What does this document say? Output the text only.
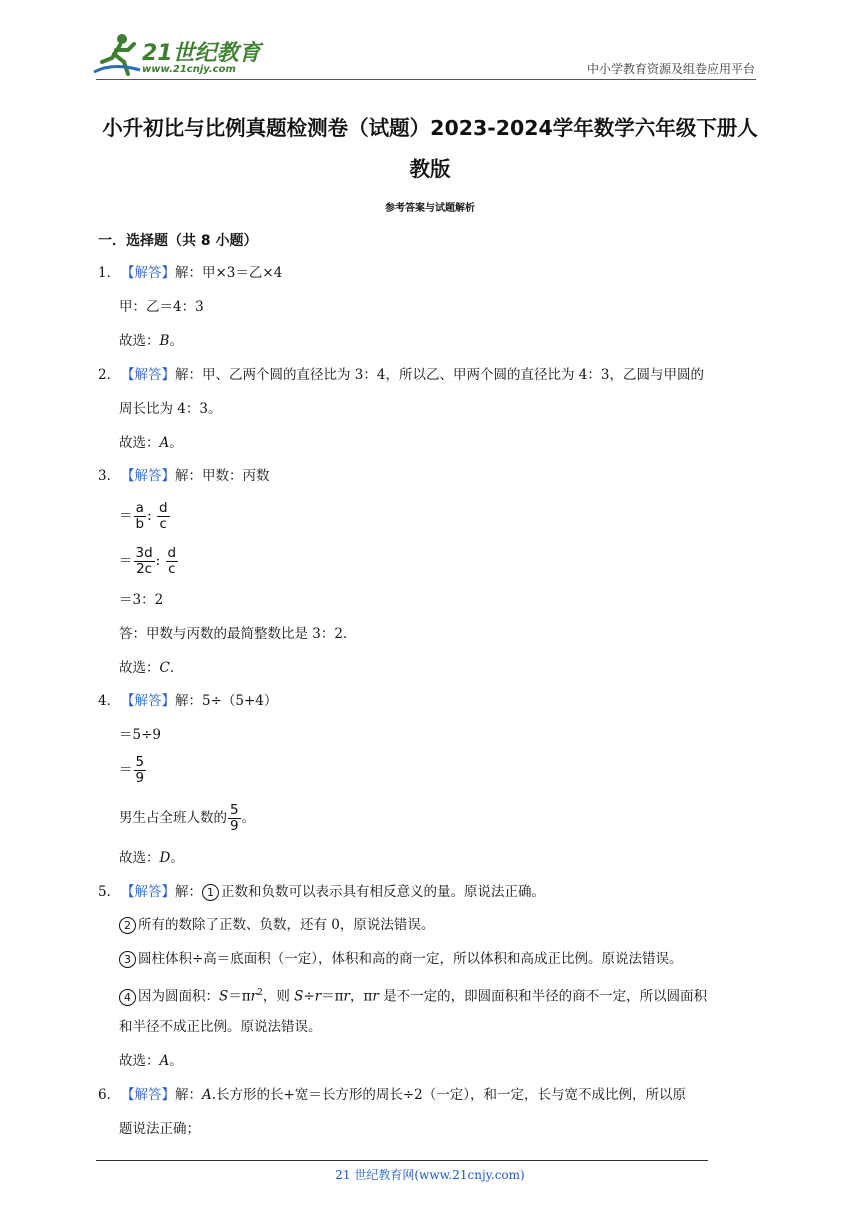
21世纪教育
www.21cnjy.com	中小学教育资源及组卷应用平台
小升初比与比例真题检测卷（试题）2023-2024学年数学六年级下册人
教版
参考答案与试题解析
一．选择题（共 8 小题）
1． 【解答】解：甲×3＝乙×4
甲：乙＝4：3
故选：B。
2． 【解答】解：甲、乙两个圆的直径比为 3：4，所以乙、甲两个圆的直径比为 4：3，乙圆与甲圆的
周长比为 4：3。
故选：A。
3． 【解答】解：甲数：丙数
＝ $\frac{a}{b}$ : $\frac{d}{c}$
＝ $\frac{3d}{2c}$ : $\frac{d}{c}$
＝3：2
答：甲数与丙数的最简整数比是 3：2．
故选：C．
4． 【解答】解：5÷（5+4）
＝5÷9
＝ $\frac{5}{9}$
男生占全班人数的 $\frac{5}{9}$ 。
故选：D。
5． 【解答】解： 1 正数和负数可以表示具有相反意义的量。原说法正确。
2 所有的数除了正数、负数，还有 0，原说法错误。
3 圆柱体积÷高＝底面积（一定），体积和高的商一定，所以体积和高成正比例。原说法错误。
4 因为圆面积：$S=\pi r^2$，则 S÷r＝πr，πr 是不一定的，即圆面积和半径的商不一定，所以圆面积
和半径不成正比例。原说法错误。
故选：A。
6． 【解答】解：A.长方形的长+宽＝长方形的周长÷2（一定），和一定，长与宽不成比例，所以原
题说法正确；
21 世纪教育网(www.21cnjy.com)
